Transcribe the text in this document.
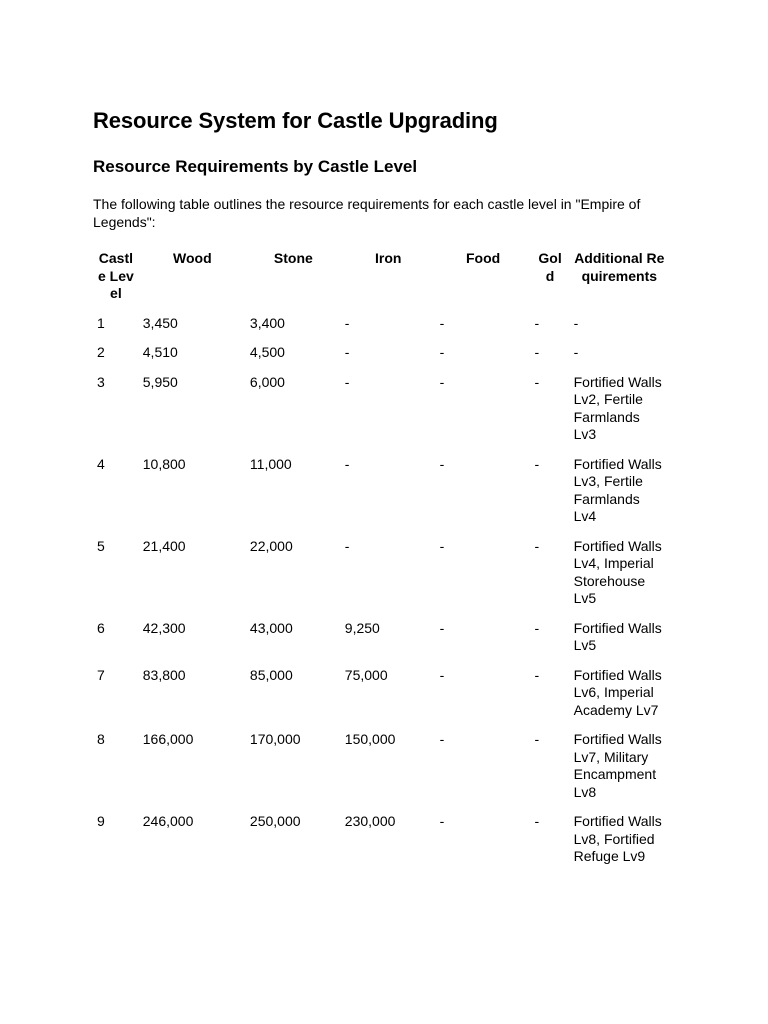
Resource System for Castle Upgrading
Resource Requirements by Castle Level

The following table outlines the resource requirements for each castle level in "Empire of Legends":

Castle Level	Wood	Stone	Iron	Food	Gold	Additional Requirements
1	3,450	3,400	-	-	-	-
2	4,510	4,500	-	-	-	-
3	5,950	6,000	-	-	-	Fortified Walls Lv2, Fertile Farmlands Lv3
4	10,800	11,000	-	-	-	Fortified Walls Lv3, Fertile Farmlands Lv4
5	21,400	22,000	-	-	-	Fortified Walls Lv4, Imperial Storehouse Lv5
6	42,300	43,000	9,250	-	-	Fortified Walls Lv5
7	83,800	85,000	75,000	-	-	Fortified Walls Lv6, Imperial Academy Lv7
8	166,000	170,000	150,000	-	-	Fortified Walls Lv7, Military Encampment Lv8
9	246,000	250,000	230,000	-	-	Fortified Walls Lv8, Fortified Refuge Lv9
